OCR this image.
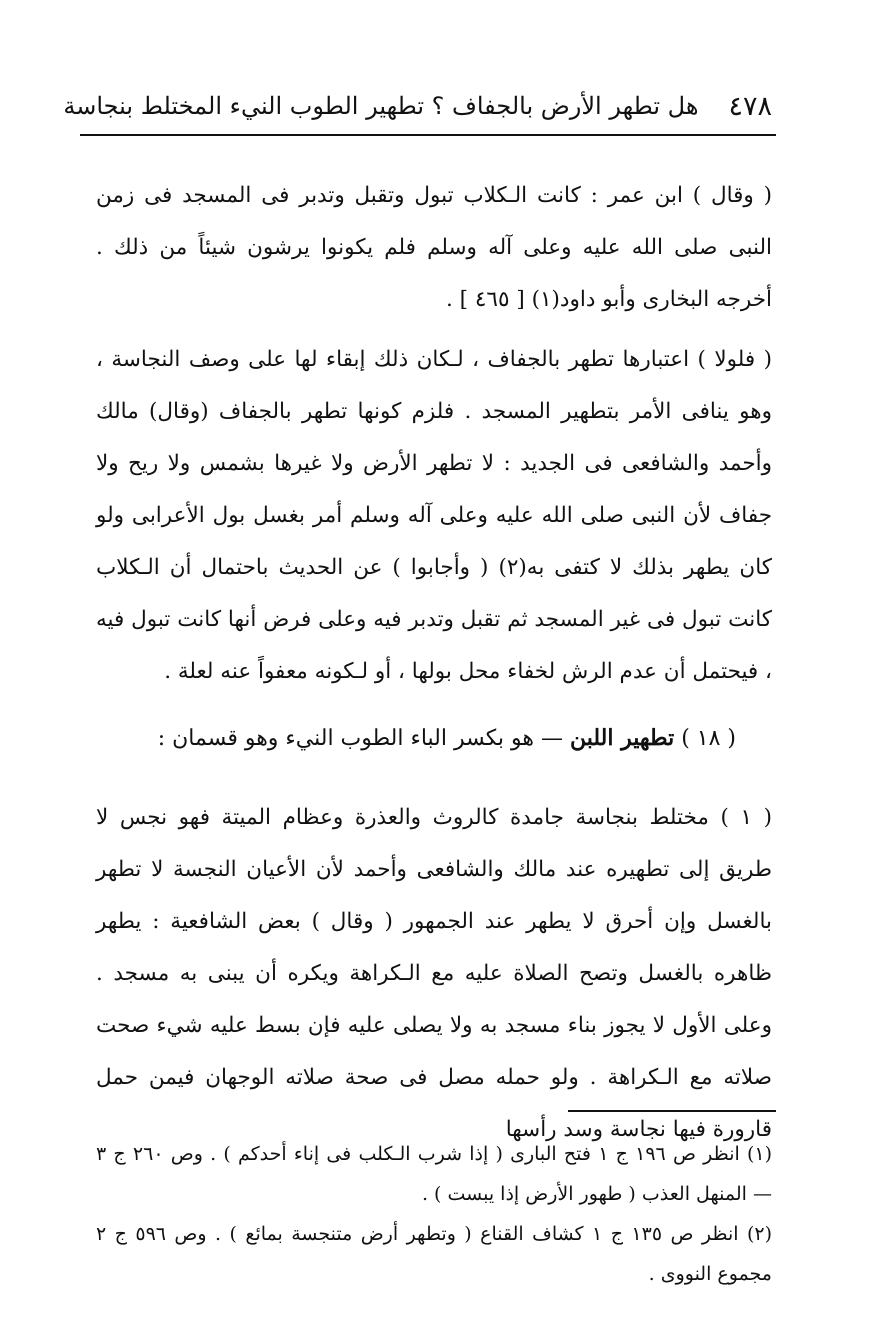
٤٧٨
هل تطهر الأرض بالجفاف ؟ تطهير الطوب النيء المختلط بنجاسة

( وقال ) ابن عمر : كانت الـكلاب تبول وتقبل وتدبر فى المسجد فى زمن النبى صلى الله عليه وعلى آله وسلم فلم يكونوا يرشون شيئاً من ذلك . أخرجه البخارى وأبو داود(١) [ ٤٦٥ ] .

( فلولا ) اعتبارها تطهر بالجفاف ، لـكان ذلك إبقاء لها على وصف النجاسة ، وهو ينافى الأمر بتطهير المسجد . فلزم كونها تطهر بالجفاف (وقال) مالك وأحمد والشافعى فى الجديد : لا تطهر الأرض ولا غيرها بشمس ولا ريح ولا جفاف لأن النبى صلى الله عليه وعلى آله وسلم أمر بغسل بول الأعرابى ولو كان يطهر بذلك لا كتفى به(٢) ( وأجابوا ) عن الحديث باحتمال أن الـكلاب كانت تبول فى غير المسجد ثم تقبل وتدبر فيه وعلى فرض أنها كانت تبول فيه ، فيحتمل أن عدم الرش لخفاء محل بولها ، أو لـكونه معفواً عنه لعلة .

( ١٨ ) تطهير اللبن — هو بكسر الباء الطوب النيء وهو قسمان :

( ١ ) مختلط بنجاسة جامدة كالروث والعذرة وعظام الميتة فهو نجس لا طريق إلى تطهيره عند مالك والشافعى وأحمد لأن الأعيان النجسة لا تطهر بالغسل وإن أحرق لا يطهر عند الجمهور ( وقال ) بعض الشافعية : يطهر ظاهره بالغسل وتصح الصلاة عليه مع الـكراهة ويكره أن يبنى به مسجد . وعلى الأول لا يجوز بناء مسجد به ولا يصلى عليه فإن بسط عليه شيء صحت صلاته مع الـكراهة . ولو حمله مصل فى صحة صلاته الوجهان فيمن حمل قارورة فيها نجاسة وسد رأسها

(١) انظر ص ١٩٦ ج ١ فتح البارى ( إذا شرب الـكلب فى إناء أحدكم ) . وص ٢٦٠ ج ٣ — المنهل العذب ( طهور الأرض إذا يبست ) .

(٢) انظر ص ١٣٥ ج ١ كشاف القناع ( وتطهر أرض متنجسة بمائع ) . وص ٥٩٦ ج ٢ مجموع النووى .
